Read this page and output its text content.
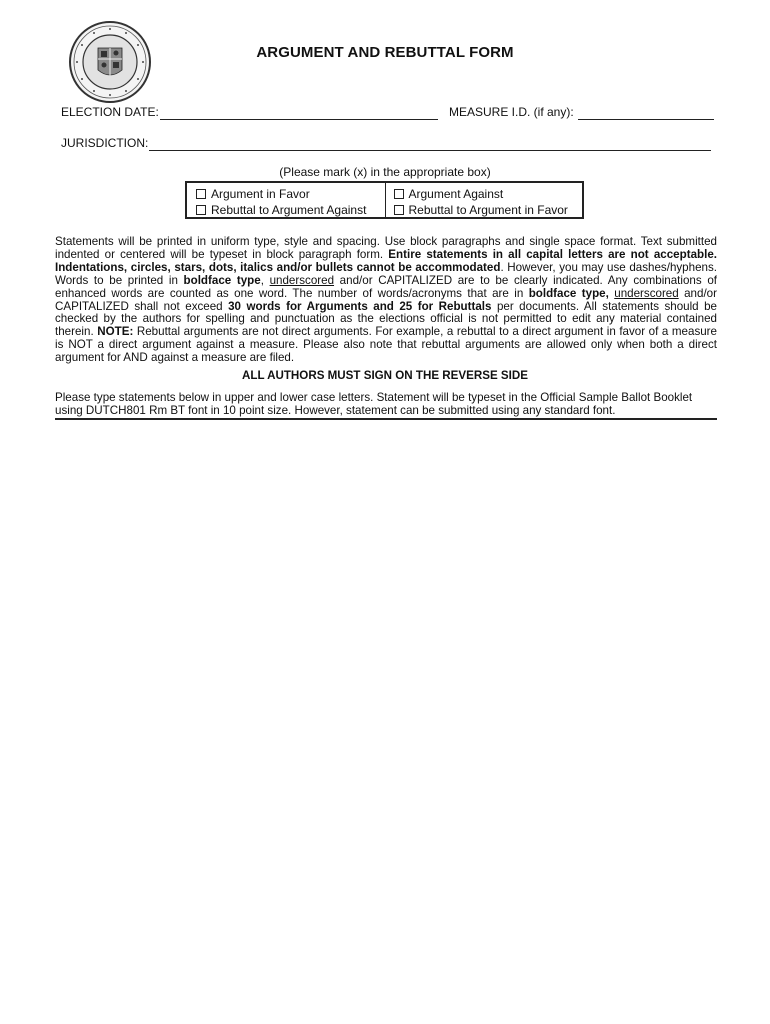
ARGUMENT AND REBUTTAL FORM
ELECTION DATE:	MEASURE I.D. (if any):
JURISDICTION:
(Please mark (x) in the appropriate box)
Argument in Favor
Rebuttal to Argument Against
Argument Against
Rebuttal to Argument in Favor
Statements will be printed in uniform type, style and spacing. Use block paragraphs and single space format. Text submitted indented or centered will be typeset in block paragraph form. Entire statements in all capital letters are not acceptable. Indentations, circles, stars, dots, italics and/or bullets cannot be accommodated. However, you may use dashes/hyphens. Words to be printed in boldface type, underscored and/or CAPITALIZED are to be clearly indicated. Any combinations of enhanced words are counted as one word. The number of words/acronyms that are in boldface type, underscored and/or CAPITALIZED shall not exceed 30 words for Arguments and 25 for Rebuttals per documents. All statements should be checked by the authors for spelling and punctuation as the elections official is not permitted to edit any material contained therein. NOTE: Rebuttal arguments are not direct arguments. For example, a rebuttal to a direct argument in favor of a measure is NOT a direct argument against a measure. Please also note that rebuttal arguments are allowed only when both a direct argument for AND against a measure are filed.
ALL AUTHORS MUST SIGN ON THE REVERSE SIDE
Please type statements below in upper and lower case letters. Statement will be typeset in the Official Sample Ballot Booklet using DUTCH801 Rm BT font in 10 point size. However, statement can be submitted using any standard font.
